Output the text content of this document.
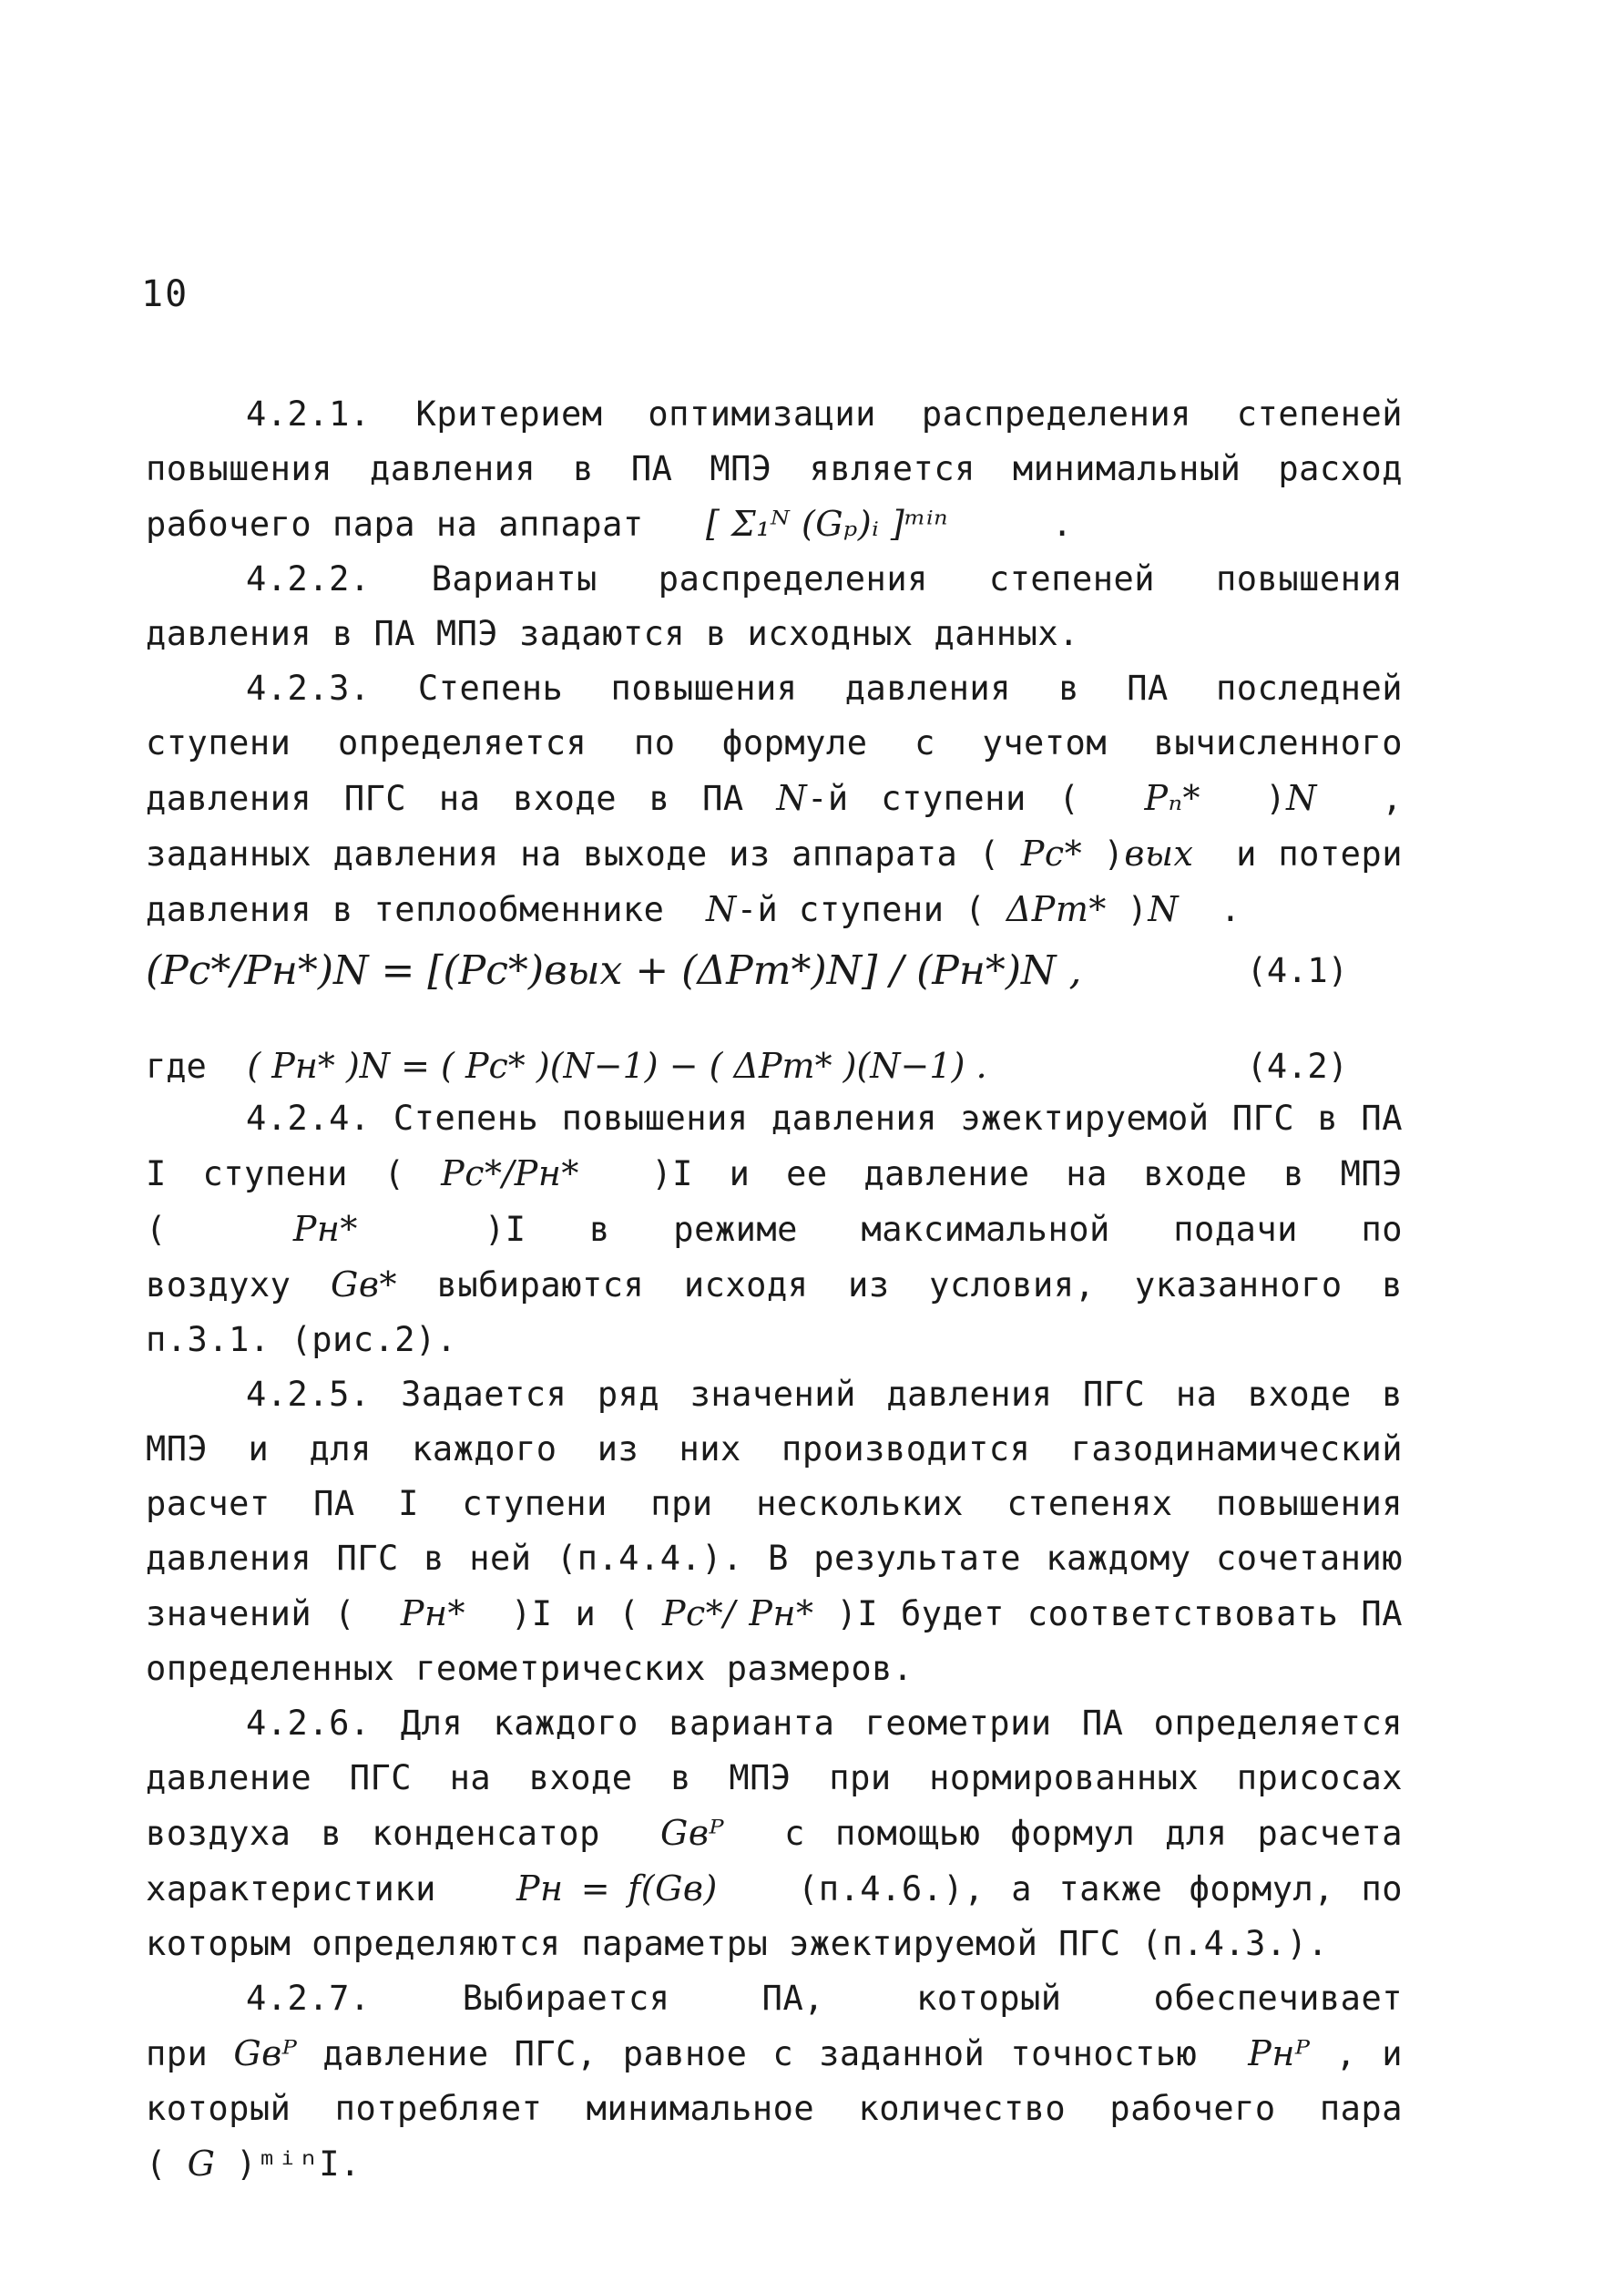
10

4.2.1. Критерием оптимизации распределения степеней повышения давления в ПА МПЭ является минимальный расход рабочего пара на аппарат [ Σ₁ᴺ (Gₚ)ᵢ ]ᵐⁱⁿ	.

4.2.2. Варианты распределения степеней повышения давления в ПА МПЭ задаются в исходных данных.

4.2.3. Степень повышения давления в ПА последней ступени определяется по формуле с учетом вычисленного давления ПГС на входе в ПА N-й ступени ( Pₙ* )N , заданных давления на выходе из аппарата ( Pc* )вых и потери давления в теплообменнике N-й ступени ( ΔPт* )N .

(Pc*/Pн*)N = [(Pc*)вых + (ΔPт*)N] / (Pн*)N ,	(4.1)
где ( Pн* )N = ( Pc* )(N−1) − ( ΔPт* )(N−1) .	(4.2)

4.2.4. Степень повышения давления эжектируемой ПГС в ПА I ступени ( Pc*/Pн* )I и ее давление на входе в МПЭ (	Pн*	)I в режиме максимальной подачи по воздуху Gв* выбираются исходя из условия, указанного в п.3.1. (рис.2).

4.2.5. Задается ряд значений давления ПГС на входе в МПЭ и для каждого из них производится газодинамический расчет ПА I ступени при нескольких степенях повышения давления ПГС в ней (п.4.4.). В результате каждому сочетанию значений ( Pн* )I и ( Pc*/ Pн* )I будет соответствовать ПА определенных геометрических размеров.

4.2.6. Для каждого варианта геометрии ПА определяется давление ПГС на входе в МПЭ при нормированных присосах воздуха в конденсатор Gвᴾ с помощью формул для расчета характеристики Pн = f(Gв) (п.4.6.), а также формул, по которым определяются параметры эжектируемой ПГС (п.4.3.).

4.2.7. Выбирается ПА, который обеспечивает при Gвᴾ давление ПГС, равное с заданной точностью Pнᴾ , и который потребляет минимальное количество рабочего пара ( G )ᵐⁱⁿI.
